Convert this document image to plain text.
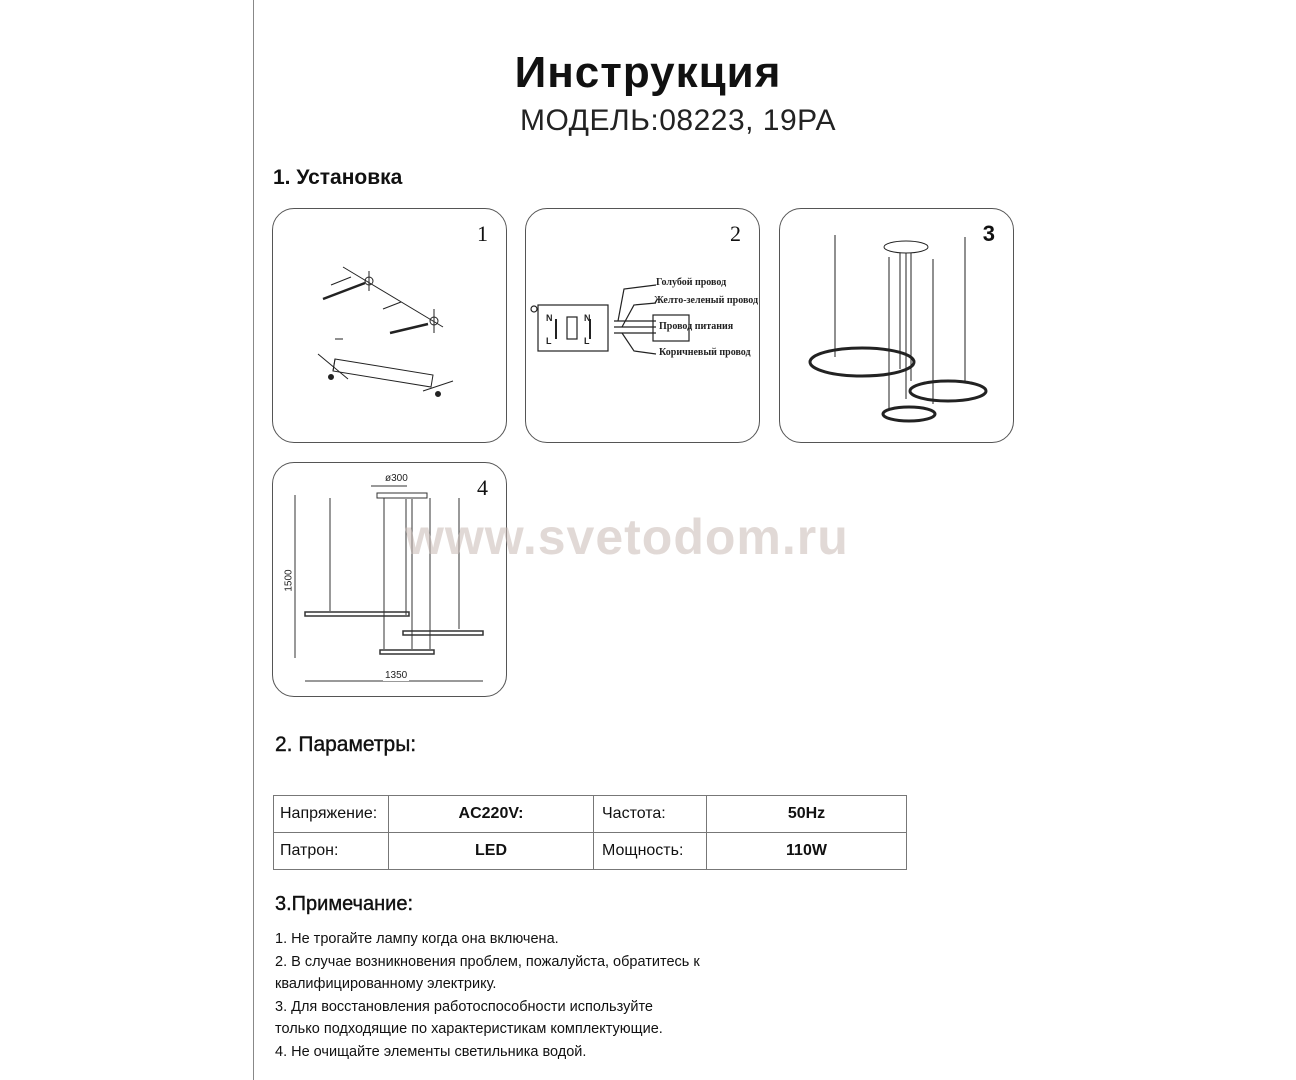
Инструкция
МОДЕЛЬ:08223, 19PA
1. Установка
1	2
N
L
N
L
Голубой провод
Желто-зеленый провод
Провод питания
Коричневый провод
3
4
ø300
1500
1350
www.svetodom.ru
2. Параметры:
Напряжение:	AC220V:	Частота:	50Hz
Патрон:	LED	Мощность:	110W
3.Примечание:
1. Не трогайте лампу когда она включена.
2. В случае возникновения проблем, пожалуйста, обратитесь к
квалифицированному электрику.
3. Для восстановления работоспособности используйте
только подходящие по характеристикам комплектующие.
4. Не очищайте элементы светильника водой.
